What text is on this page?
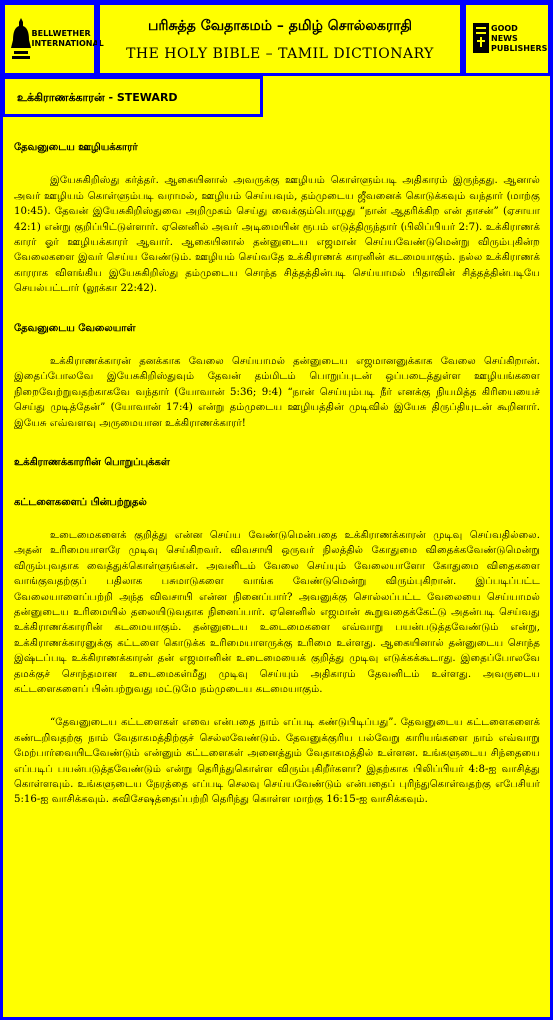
BELLWETHER INTERNATIONAL
பரிசுத்த வேதாகமம் – தமிழ் சொல்லகராதி
THE HOLY BIBLE – TAMIL DICTIONARY
GOOD NEWS PUBLISHERS
உக்கிராணக்காரன் - STEWARD

தேவனுடைய ஊழியக்காரர்

இயேசுகிறிஸ்து கர்த்தர். ஆகையினால் அவருக்கு ஊழியம் கொள்ளும்படி அதிகாரம் இருந்தது. ஆனால் அவர் ஊழியம் கொள்ளும்படி வராமல், ஊழியம் செய்யவும், தம்முடைய ஜீவனைக் கொடுக்கவும் வந்தார் (மாற்கு 10:45). தேவன் இயேசுகிறிஸ்துவை அறிமுகம் செய்து வைக்கும்பொழுது “நான் ஆதரிக்கிற என் தாசன்” (ஏசாயா 42:1) என்று குறிப்பிட்டுள்ளார். ஏனெனில் அவர் அடிமையின் ரூபம் எடுத்திருந்தார் (பிலிப்பியர் 2:7). உக்கிராணக் காரர் ஓர் ஊழியக்காரர் ஆவார். ஆகையினால் தன்னுடைய எஜமான் செய்யவேண்டுமென்று விரும்புகின்ற வேலைகளை இவர் செய்ய வேண்டும். ஊழியம் செய்வதே உக்கிராணக் காரனின் கடமையாகும். நல்ல உக்கிராணக் காரராக விளங்கிய இயேசுகிறிஸ்து தம்முடைய சொந்த சித்தத்தின்படி செய்யாமல் பிதாவின் சித்தத்தின்படியே செயல்பட்டார் (லூக்கா 22:42).

தேவனுடைய வேலையாள்

உக்கிராணக்காரன் தனக்காக வேலை செய்யாமல் தன்னுடைய எஜமானனுக்காக வேலை செய்கிறான். இதைப்போலவே இயேசுகிறிஸ்துவும் தேவன் தம்மிடம் பொறுப்புடன் ஒப்படைத்துள்ள ஊழியங்களை நிறைவேற்றுவதற்காகவே வந்தார் (யோவான் 5:36; 9:4) “நான் செய்யும்படி நீர் எனக்கு நியமித்த கிரியையைச் செய்து முடித்தேன்” (யோவான் 17:4) என்று தம்முடைய ஊழியத்தின் முடிவில் இயேசு திருப்தியுடன் கூறினார். இயேசு எவ்வளவு அருமையான உக்கிராணக்காரர்!

உக்கிராணக்காரரின் பொறுப்புக்கள்

கட்டளைகளைப் பின்பற்றுதல்

உடைமைகளைக் குறித்து என்ன செய்ய வேண்டுமென்பதை உக்கிராணக்காரன் முடிவு செய்வதில்லை. அதன் உரிமையாளரே முடிவு செய்கிறவர். விவசாயி ஒருவர் நிலத்தில் கோதுமை விதைக்கவேண்டுமென்று விரும்புவதாக வைத்துக்கொள்ளுங்கள். அவனிடம் வேலை செய்யும் வேலையாளோ கோதுமை விதைகளை வாங்குவதற்குப் பதிலாக பசுமாடுகளை வாங்க வேண்டுமென்று விரும்புகிறான். இப்படிப்பட்ட வேலையாளைப்பற்றி அந்த விவசாயி என்ன நினைப்பார்? அவனுக்கு சொல்லப்பட்ட வேலையை செய்யாமல் தன்னுடைய உரிமையில் தலையிடுவதாக நினைப்பார். ஏனெனில் எஜமான் கூறுவதைக்கேட்டு அதன்படி செய்வது உக்கிராணக்காரரின் கடமையாகும். தன்னுடைய உடைமைகளை எவ்வாறு பயன்படுத்தவேண்டும் என்று, உக்கிராணக்காரனுக்கு கட்டளை கொடுக்க உரிமையாளருக்கு உரிமை உள்ளது. ஆகையினால் தன்னுடைய சொந்த இஷ்டப்படி உக்கிராணக்காரன் தன் எஜமானின் உடைமையைக் குறித்து முடிவு எடுக்கக்கூடாது. இதைப்போலவே தமக்குச் சொந்தமான உடைமைகள்மீது முடிவு செய்யும் அதிகாரம் தேவனிடம் உள்ளது. அவருடைய கட்டளைகளைப் பின்பற்றுவது மட்டுமே நம்முடைய கடமையாகும்.

“தேவனுடைய கட்டளைகள் எவை என்பதை நாம் எப்படி கண்டுபிடிப்பது”. தேவனுடைய கட்டளைகளைக் கண்டறிவதற்கு நாம் வேதாகமத்திற்குச் செல்லவேண்டும். தேவனுக்குரிய பல்வேறு காரியங்களை நாம் எவ்வாறு மேற்பார்வையிடவேண்டும் என்னும் கட்டளைகள் அனைத்தும் வேதாகமத்தில் உள்ளன. உங்களுடைய சிந்தையை எப்படிப் பயன்படுத்தவேண்டும் என்று தெரிந்துகொள்ள விரும்புகிறீர்களா? இதற்காக பிலிப்பியர் 4:8-ஐ வாசித்து கொள்ளவும். உங்களுடைய நேரத்தை எப்படி செலவு செய்யவேண்டும் என்பதைப் புரிந்துகொள்வதற்கு எபேசியர் 5:16-ஐ வாசிக்கவும். சுவிசேஷத்தைப்பற்றி தெரிந்து கொள்ள மாற்கு 16:15-ஐ வாசிக்கவும்.
